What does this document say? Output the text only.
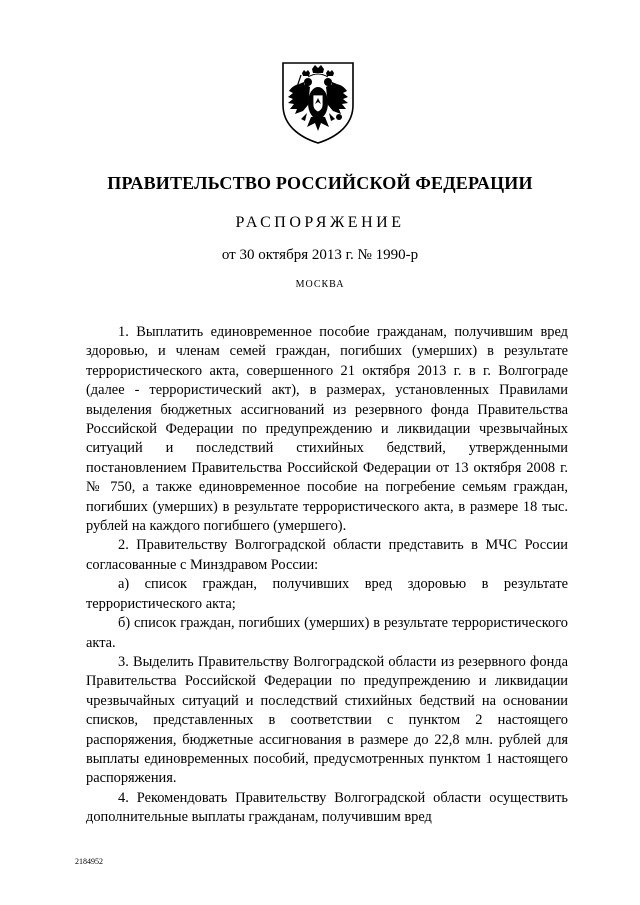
ПРАВИТЕЛЬСТВО РОССИЙСКОЙ ФЕДЕРАЦИИ
РАСПОРЯЖЕНИЕ
от 30 октября 2013 г. № 1990-р
МОСКВА

1. Выплатить единовременное пособие гражданам, получившим вред здоровью, и членам семей граждан, погибших (умерших) в результате террористического акта, совершенного 21 октября 2013 г. в г. Волгограде (далее - террористический акт), в размерах, установленных Правилами выделения бюджетных ассигнований из резервного фонда Правительства Российской Федерации по предупреждению и ликвидации чрезвычайных ситуаций и последствий стихийных бедствий, утвержденными постановлением Правительства Российской Федерации от 13 октября 2008 г. № 750, а также единовременное пособие на погребение семьям граждан, погибших (умерших) в результате террористического акта, в размере 18 тыс. рублей на каждого погибшего (умершего).

2. Правительству Волгоградской области представить в МЧС России согласованные с Минздравом России:

а) список граждан, получивших вред здоровью в результате террористического акта;

б) список граждан, погибших (умерших) в результате террористического акта.

3. Выделить Правительству Волгоградской области из резервного фонда Правительства Российской Федерации по предупреждению и ликвидации чрезвычайных ситуаций и последствий стихийных бедствий на основании списков, представленных в соответствии с пунктом 2 настоящего распоряжения, бюджетные ассигнования в размере до 22,8 млн. рублей для выплаты единовременных пособий, предусмотренных пунктом 1 настоящего распоряжения.

4. Рекомендовать Правительству Волгоградской области осуществить дополнительные выплаты гражданам, получившим вред

2184952
